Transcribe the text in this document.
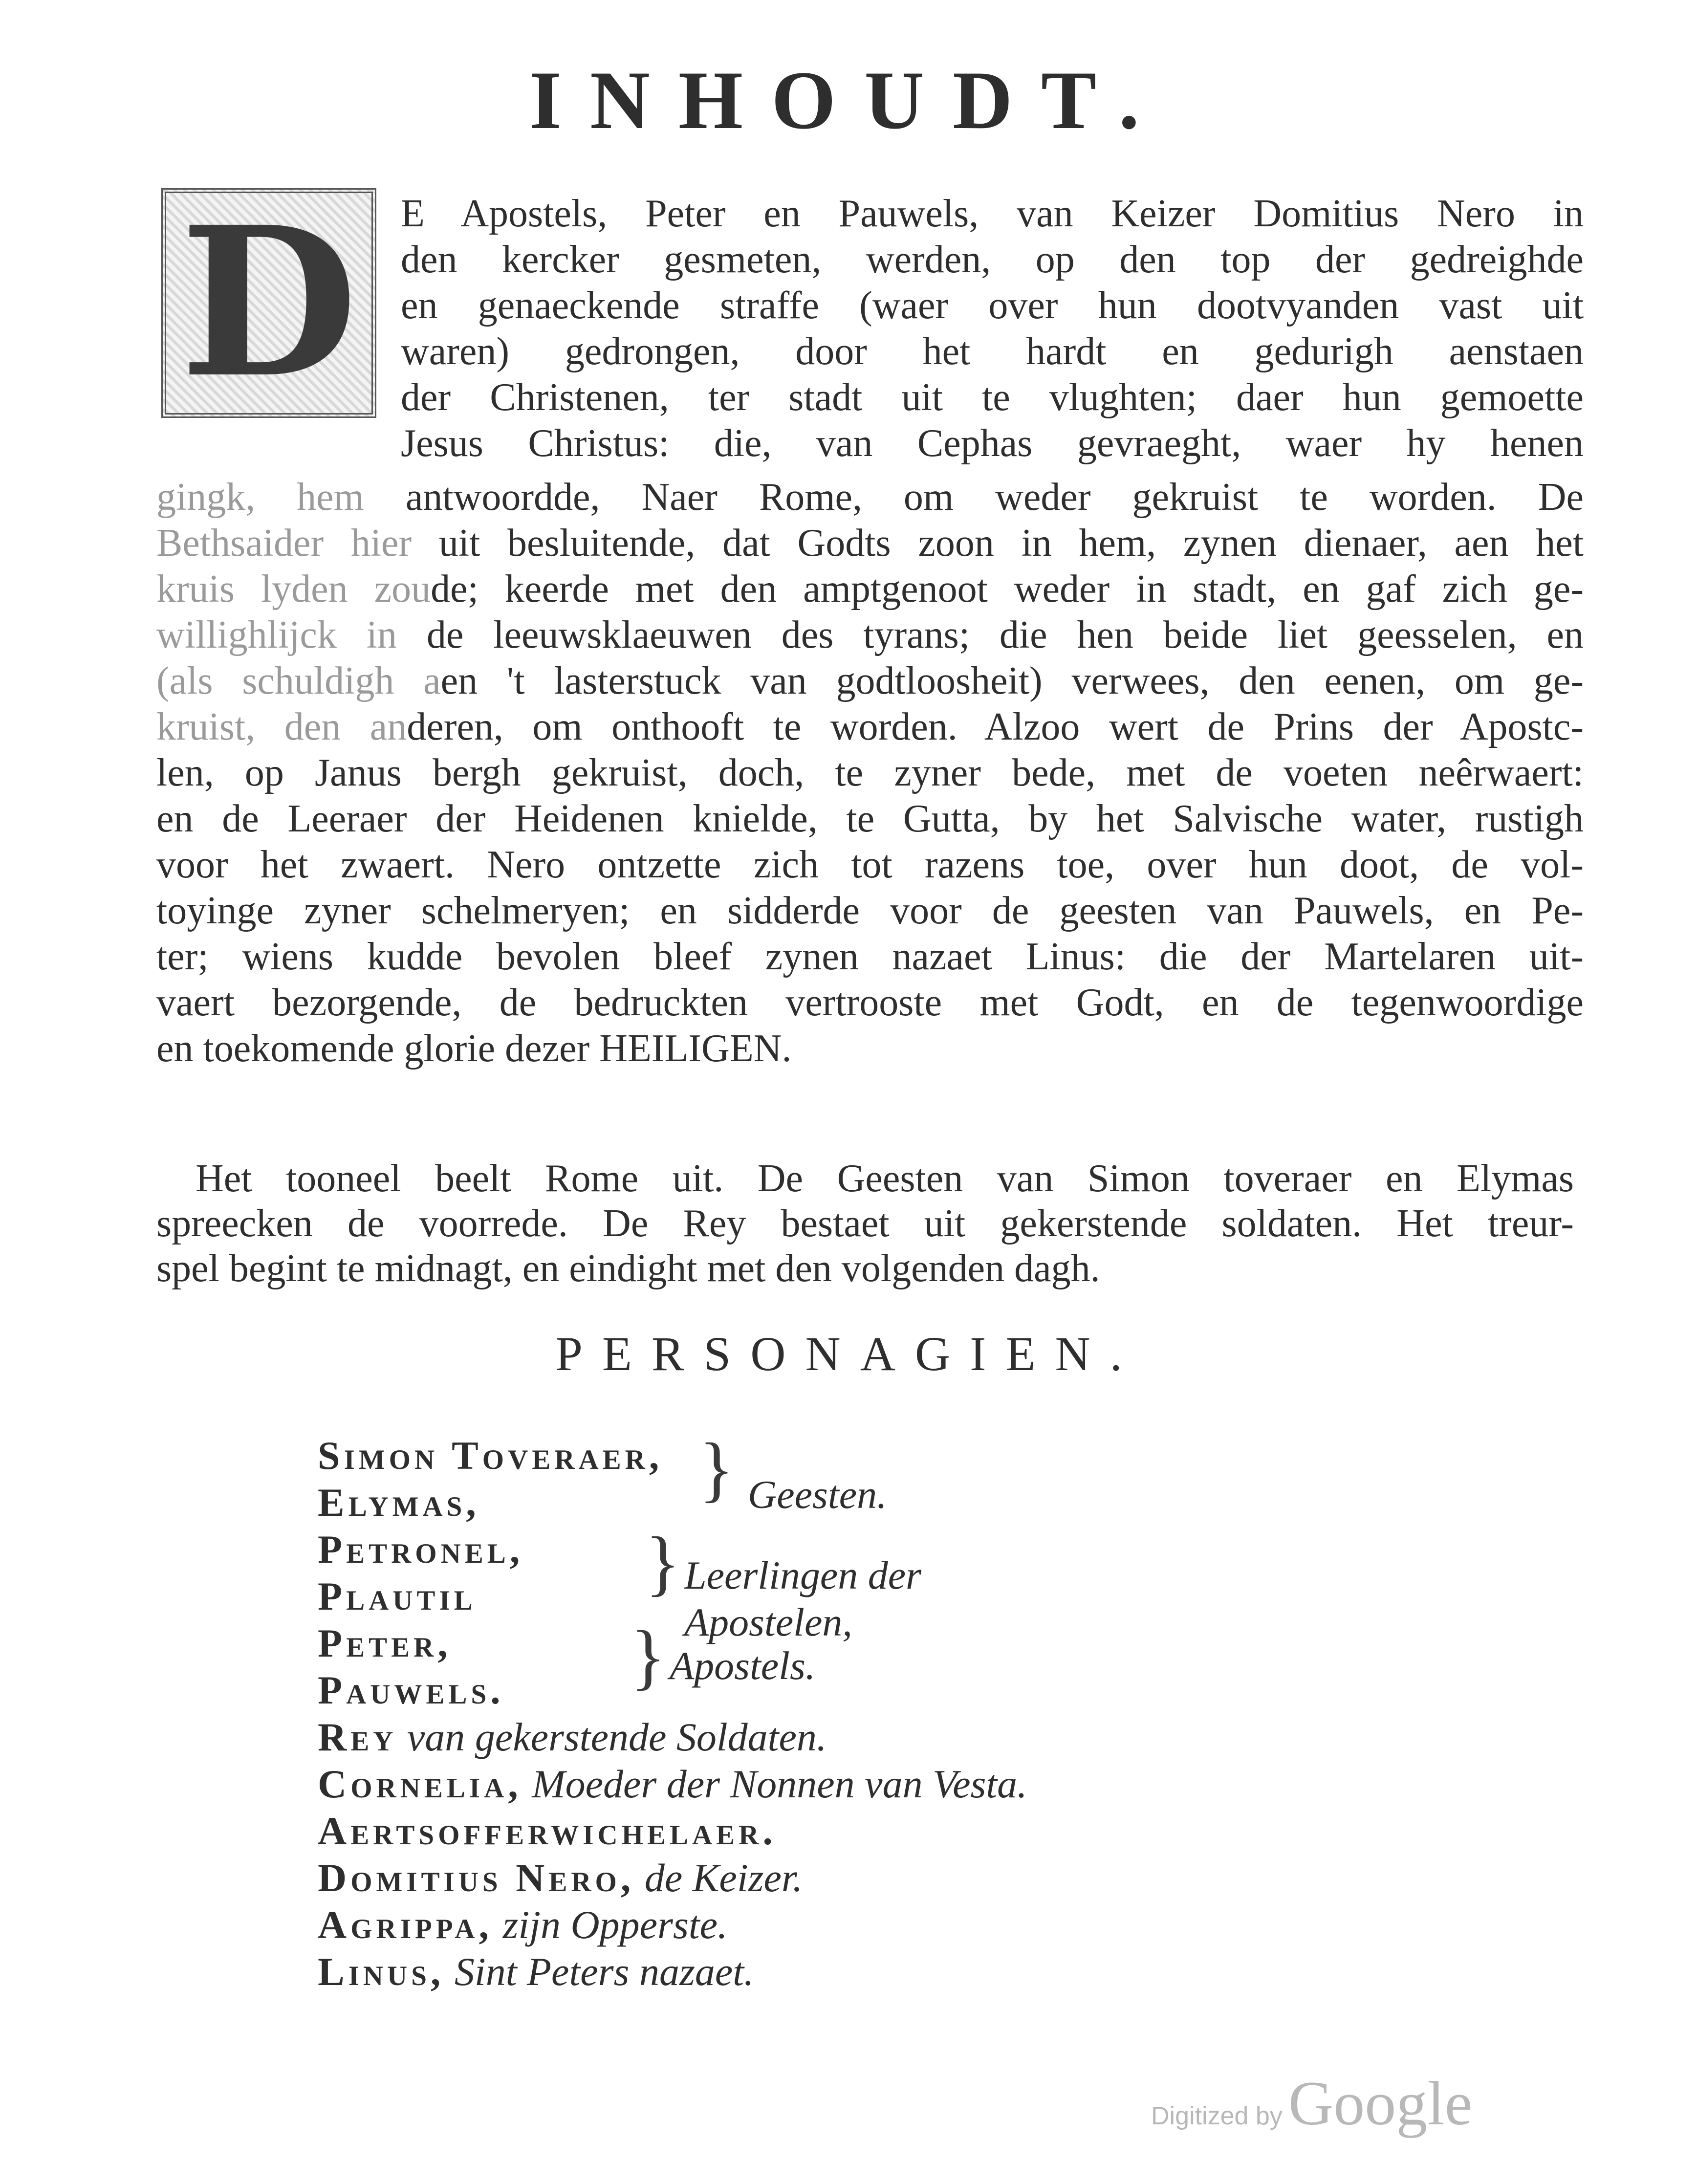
INHOUDT.
D E Apostels, Peter en Pauwels, van Keizer Domitius Nero in
den kercker gesmeten, werden, op den top der gedreighde
en genaeckende straffe (waer over hun dootvyanden vast uit
waren) gedrongen, door het hardt en gedurigh aenstaen
der Christenen, ter stadt uit te vlughten; daer hun gemoette
Jesus Christus: die, van Cephas gevraeght, waer hy henen
gingk, hem antwoordde, Naer Rome, om weder gekruist te worden. De
Bethsaider hier uit besluitende, dat Godts zoon in hem, zynen dienaer, aen het
kruis lyden zoude; keerde met den amptgenoot weder in stadt, en gaf zich ge-
willighlijck in de leeuwsklaeuwen des tyrans; die hen beide liet geesselen, en
(als schuldigh aen 't lasterstuck van godtloosheit) verwees, den eenen, om ge-
kruist, den anderen, om onthooft te worden. Alzoo wert de Prins der Apostc-
len, op Janus bergh gekruist, doch, te zyner bede, met de voeten neêrwaert:
en de Leeraer der Heidenen knielde, te Gutta, by het Salvische water, rustigh
voor het zwaert. Nero ontzette zich tot razens toe, over hun doot, de vol-
toyinge zyner schelmeryen; en sidderde voor de geesten van Pauwels, en Pe-
ter; wiens kudde bevolen bleef zynen nazaet Linus: die der Martelaren uit-
vaert bezorgende, de bedruckten vertrooste met Godt, en de tegenwoordige
en toekomende glorie dezer HEILIGEN.
Het tooneel beelt Rome uit. De Geesten van Simon toveraer en Elymas
spreecken de voorrede. De Rey bestaet uit gekerstende soldaten. Het treur-
spel begint te midnagt, en eindight met den volgenden dagh.
PERSONAGIEN.
Simon Toveraer,
Elymas,	} Geesten.
Petronel,
Plautil	} Leerlingen der Apostelen,
Peter,
Pauwels.	} Apostels.
Rey van gekerstende Soldaten.
Cornelia, Moeder der Nonnen van Vesta.
Aertsofferwichelaer.
Domitius Nero, de Keizer.
Agrippa, zijn Opperste.
Linus, Sint Peters nazaet.
Digitized byGoogle
